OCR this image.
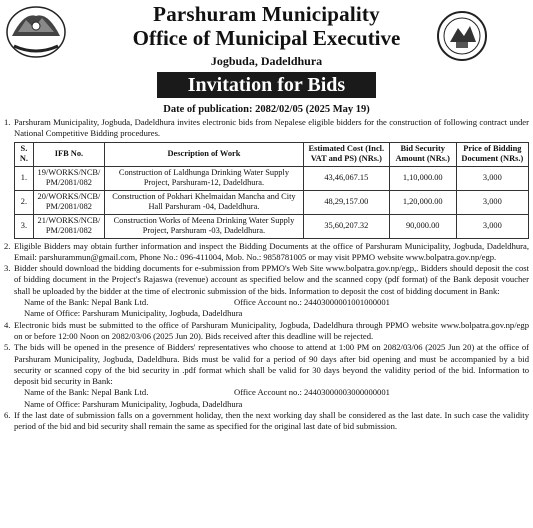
Parshuram Municipality
Office of Municipal Executive
Jogbuda, Dadeldhura
Invitation for Bids
Date of publication: 2082/02/05 (2025 May 19)
1. Parshuram Municipality, Jogbuda, Dadeldhura invites electronic bids from Nepalese eligible bidders for the construction of following contract under National Competitive Bidding procedures.
S. N.	IFB No.	Description of Work	Estimated Cost (Incl. VAT and PS) (NRs.)	Bid Security Amount (NRs.)	Price of Bidding Document (NRs.)
1.	19/WORKS/NCB/ PM/2081/082	Construction of Laldhunga Drinking Water Supply Project, Parshuram-12, Dadeldhura.	43,46,067.15	1,10,000.00	3,000
2.	20/WORKS/NCB/ PM/2081/082	Construction of Pokhari Khelmaidan Mancha and City Hall Parshuram -04, Dadeldhura.	48,29,157.00	1,20,000.00	3,000
3.	21/WORKS/NCB/ PM/2081/082	Construction Works of Meena Drinking Water Supply Project, Parshuram -03, Dadeldhura.	35,60,207.32	90,000.00	3,000
2. Eligible Bidders may obtain further information and inspect the Bidding Documents at the office of Parshuram Municipality, Jogbuda, Dadeldhura, Email: parshurammun@gmail.com, Phone No.: 096-411004, Mob. No.: 9858781005 or may visit PPMO website www.bolpatra.gov.np/egp.
3. Bidder should download the bidding documents for e-submission from PPMO's Web Site www.bolpatra.gov.np/egp,. Bidders should deposit the cost of bidding document in the Project's Rajaswa (revenue) account as specified below and the scanned copy (pdf format) of the Bank deposit voucher shall be uploaded by the bidder at the time of electronic submission of the bids. Information to deposit the cost of bidding document in Bank:
Name of the Bank: Nepal Bank Ltd.	Office Account no.: 24403000001001000001
Name of Office: Parshuram Municipality, Jogbuda, Dadeldhura
4. Electronic bids must be submitted to the office of Parshuram Municipality, Jogbuda, Dadeldhura through PPMO website www.bolpatra.gov.np/egp on or before 12:00 Noon on 2082/03/06 (2025 Jun 20). Bids received after this deadline will be rejected.
5. The bids will be opened in the presence of Bidders' representatives who choose to attend at 1:00 PM on 2082/03/06 (2025 Jun 20) at the office of Parshuram Municipality, Jogbuda, Dadeldhura. Bids must be valid for a period of 90 days after bid opening and must be accompanied by a bid security or scanned copy of the bid security in .pdf format which shall be valid for 30 days beyond the validity period of the bid. Information to deposit bid security in Bank:
Name of the Bank: Nepal Bank Ltd.	Office Account no.: 24403000003000000001
Name of Office: Parshuram Municipality, Jogbuda, Dadeldhura
6. If the last date of submission falls on a government holiday, then the next working day shall be considered as the last date. In such case the validity period of the bid and bid security shall remain the same as specified for the original last date of bid submission.
